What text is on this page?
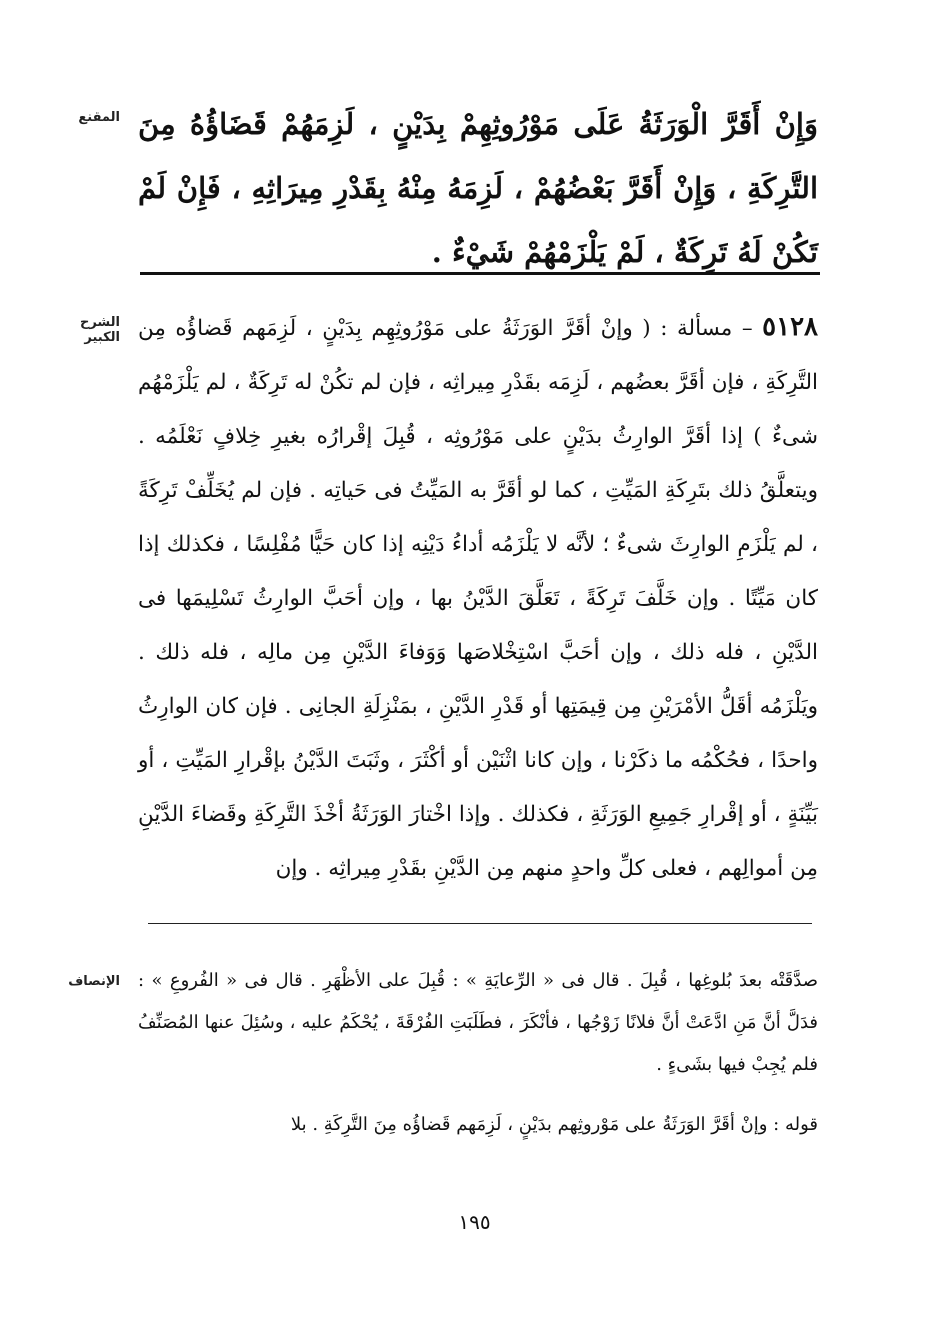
المقنع وَإِنْ أَقَرَّ الْوَرَثَةُ عَلَى مَوْرُوثِهِمْ بِدَيْنٍ ، لَزِمَهُمْ قَضَاؤُهُ مِنَ التَّرِكَةِ ، وَإِنْ أَقَرَّ بَعْضُهُمْ ، لَزِمَهُ مِنْهُ بِقَدْرِ مِيرَاثِهِ ، فَإِنْ لَمْ تَكُنْ لَهُ تَرِكَةٌ ، لَمْ يَلْزَمْهُمْ شَيْءٌ .

الشرح الكبير	٥١٢٨ – مسألة : ( وإنْ أقَرَّ الوَرَثَةُ على مَوْرُوثِهِم بِدَيْنٍ ، لَزِمَهم قَضاؤُه مِن التَّرِكَةِ ، فإن أقَرَّ بعضُهم ، لَزِمَه بقَدْرِ مِيراثِه ، فإن لم تكُنْ له تَرِكَةٌ ، لم يَلْزَمْهُم شىءٌ ) إذا أقَرَّ الوارِثُ بدَيْنٍ على مَوْرُوثِه ، قُبِلَ إقْرارُه بغيرِ خِلافٍ نَعْلَمُه . ويتعلَّقُ ذلك بتَرِكَةِ المَيِّتِ ، كما لو أقَرَّ به المَيِّتُ فى حَياتِه . فإن لم يُخَلِّفْ تَرِكَةً ، لم يَلْزَمِ الوارِثَ شىءٌ ؛ لأنَّه لا يَلْزَمُه أداءُ دَيْنِه إذا كان حَيًّا مُفْلِسًا ، فكذلك إذا كان مَيِّتًا . وإن خَلَّفَ تَرِكَةً ، تَعَلَّقَ الدَّيْنُ بها ، وإن أحَبَّ الوارِثُ تَسْلِيمَها فى الدَّيْنِ ، فله ذلك ، وإن أحَبَّ اسْتِخْلاصَها وَوَفاءَ الدَّيْنِ مِن مالِه ، فله ذلك . ويَلْزَمُه أقَلُّ الأمْرَيْنِ مِن قِيمَتِها أو قَدْرِ الدَّيْنِ ، بمَنْزِلَةِ الجانِى . فإن كان الوارِثُ واحدًا ، فحُكْمُه ما ذكَرْنا ، وإن كانا اثْنَيْن أو أكْثَرَ ، وثَبَتَ الدَّيْنُ بإقْرارِ المَيِّتِ ، أو بَيِّنَةٍ ، أو إقْرارِ جَمِيعِ الوَرَثَةِ ، فكذلك . وإذا اخْتارَ الوَرَثَةُ أخْذَ التَّرِكَةِ وقَضاءَ الدَّيْنِ مِن أموالِهم ، فعلى كلِّ واحدٍ منهم مِن الدَّيْنِ بقَدْرِ مِيراثِه . وإن

الإنصاف صدَّقَتْه بعدَ بُلوغِها ، قُبِلَ . قال فى « الرِّعايَةِ » : قُبِلَ على الأظْهَرِ . قال فى « الفُروعِ » : فدَلَّ أنَّ مَنِ ادَّعَتْ أنَّ فلانًا زَوْجُها ، فأنْكَرَ ، فطَلَبَتِ الفُرْقَةَ ، يُحْكَمُ عليه ، وسُئِلَ عنها المُصَنِّفُ فلم يُجِبْ فيها بشَىءٍ .

قوله : وإنْ أقَرَّ الوَرَثَةُ على مَوْروثِهم بدَيْنٍ ، لَزِمَهم قَضاؤُه مِنَ التَّرِكَةِ . بلا

١٩٥
